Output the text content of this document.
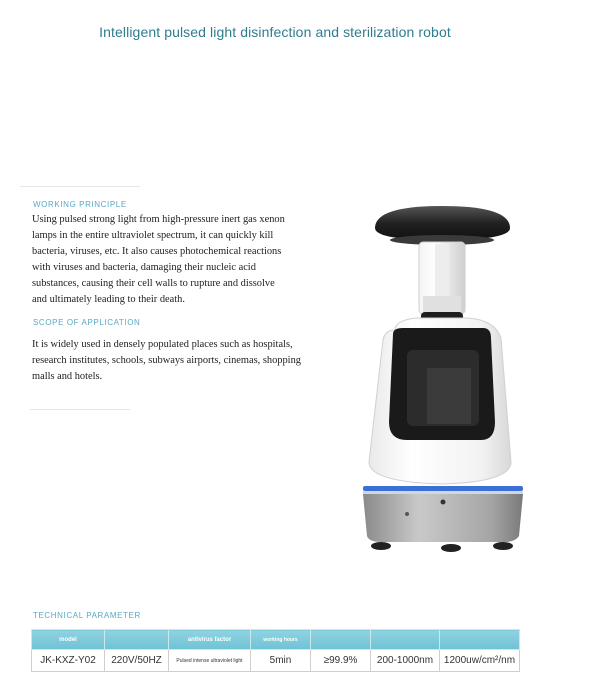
Intelligent pulsed light disinfection and sterilization robot
WORKING PRINCIPLE
Using pulsed strong light from high-pressure inert gas xenon
lamps in the entire ultraviolet spectrum, it can quickly kill
bacteria, viruses, etc. It also causes photochemical reactions
with viruses and bacteria, damaging their nucleic acid
substances, causing their cell walls to rupture and dissolve
and ultimately leading to their death.
SCOPE OF APPLICATION
It is widely used in densely populated places such as hospitals,
research institutes, schools, subways airports, cinemas, shopping
malls and hotels.
TECHNICAL PARAMETER
model		antivirus factor	working hours			
JK-KXZ-Y02	220V/50HZ	Pulsed intense ultraviolet light	5min	≥99.9%	200-1000nm	1200uw/cm²/nm
